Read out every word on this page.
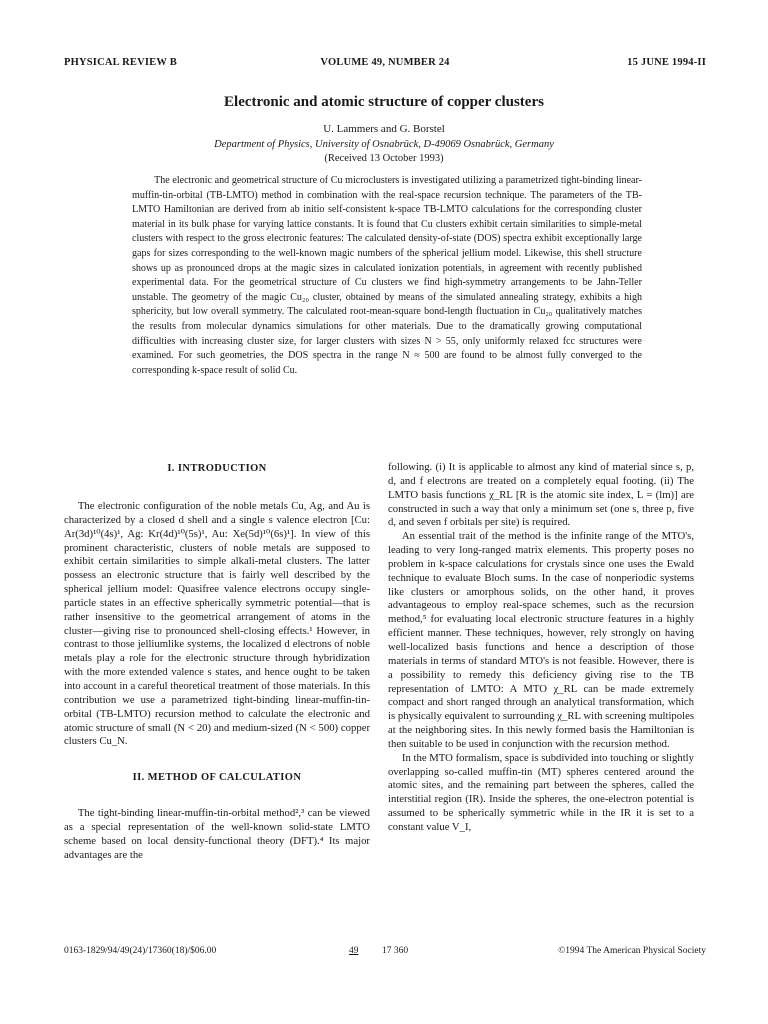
PHYSICAL REVIEW B	VOLUME 49, NUMBER 24	15 JUNE 1994-II
Electronic and atomic structure of copper clusters
U. Lammers and G. Borstel
Department of Physics, University of Osnabrück, D-49069 Osnabrück, Germany
(Received 13 October 1993)

The electronic and geometrical structure of Cu microclusters is investigated utilizing a parametrized tight-binding linear-muffin-tin-orbital (TB-LMTO) method in combination with the real-space recursion technique. The parameters of the TB-LMTO Hamiltonian are derived from ab initio self-consistent k-space TB-LMTO calculations for the corresponding cluster material in its bulk phase for varying lattice constants. It is found that Cu clusters exhibit certain similarities to simple-metal clusters with respect to the gross electronic features: The calculated density-of-state (DOS) spectra exhibit exceptionally large gaps for sizes corresponding to the well-known magic numbers of the spherical jellium model. Likewise, this shell structure shows up as pronounced drops at the magic sizes in calculated ionization potentials, in agreement with recently published experimental data. For the geometrical structure of Cu clusters we find high-symmetry arrangements to be Jahn-Teller unstable. The geometry of the magic Cu₂₀ cluster, obtained by means of the simulated annealing strategy, exhibits a high sphericity, but low overall symmetry. The calculated root-mean-square bond-length fluctuation in Cu₂₀ qualitatively matches the results from molecular dynamics simulations for other materials. Due to the dramatically growing computational difficulties with increasing cluster size, for larger clusters with sizes N > 55, only uniformly relaxed fcc structures were examined. For such geometries, the DOS spectra in the range N ≈ 500 are found to be almost fully converged to the corresponding k-space result of solid Cu.

I. INTRODUCTION

The electronic configuration of the noble metals Cu, Ag, and Au is characterized by a closed d shell and a single s valence electron [Cu: Ar(3d)¹⁰(4s)¹, Ag: Kr(4d)¹⁰(5s)¹, Au: Xe(5d)¹⁰(6s)¹]. In view of this prominent characteristic, clusters of noble metals are supposed to exhibit certain similarities to simple alkali-metal clusters. The latter possess an electronic structure that is fairly well described by the spherical jellium model: Quasifree valence electrons occupy single-particle states in an effective spherically symmetric potential—that is rather insensitive to the geometrical arrangement of atoms in the cluster—giving rise to pronounced shell-closing effects.¹ However, in contrast to those jelliumlike systems, the localized d electrons of noble metals play a role for the electronic structure through hybridization with the more extended valence s states, and hence ought to be taken into account in a careful theoretical treatment of those materials. In this contribution we use a parametrized tight-binding linear-muffin-tin-orbital (TB-LMTO) recursion method to calculate the electronic and atomic structure of small (N < 20) and medium-sized (N < 500) copper clusters Cu_N.

II. METHOD OF CALCULATION

The tight-binding linear-muffin-tin-orbital method²,³ can be viewed as a special representation of the well-known solid-state LMTO scheme based on local density-functional theory (DFT).⁴ Its major advantages are the

following. (i) It is applicable to almost any kind of material since s, p, d, and f electrons are treated on a completely equal footing. (ii) The LMTO basis functions χ_RL [R is the atomic site index, L = (lm)] are constructed in such a way that only a minimum set (one s, three p, five d, and seven f orbitals per site) is required.

An essential trait of the method is the infinite range of the MTO's, leading to very long-ranged matrix elements. This property poses no problem in k-space calculations for crystals since one uses the Ewald technique to evaluate Bloch sums. In the case of nonperiodic systems like clusters or amorphous solids, on the other hand, it proves advantageous to employ real-space schemes, such as the recursion method,⁵ for evaluating local electronic structure features in a highly efficient manner. These techniques, however, rely strongly on having well-localized basis functions and hence a description of those materials in terms of standard MTO's is not feasible. However, there is a possibility to remedy this deficiency giving rise to the TB representation of LMTO: A MTO χ_RL can be made extremely compact and short ranged through an analytical transformation, which is physically equivalent to surrounding χ_RL with screening multipoles at the neighboring sites. In this newly formed basis the Hamiltonian is then suitable to be used in conjunction with the recursion method.

In the MTO formalism, space is subdivided into touching or slightly overlapping so-called muffin-tin (MT) spheres centered around the atomic sites, and the remaining part between the spheres, called the interstitial region (IR). Inside the spheres, the one-electron potential is assumed to be spherically symmetric while in the IR it is set to a constant value V_I,

0163-1829/94/49(24)/17360(18)/$06.00	49 17 360	©1994 The American Physical Society
